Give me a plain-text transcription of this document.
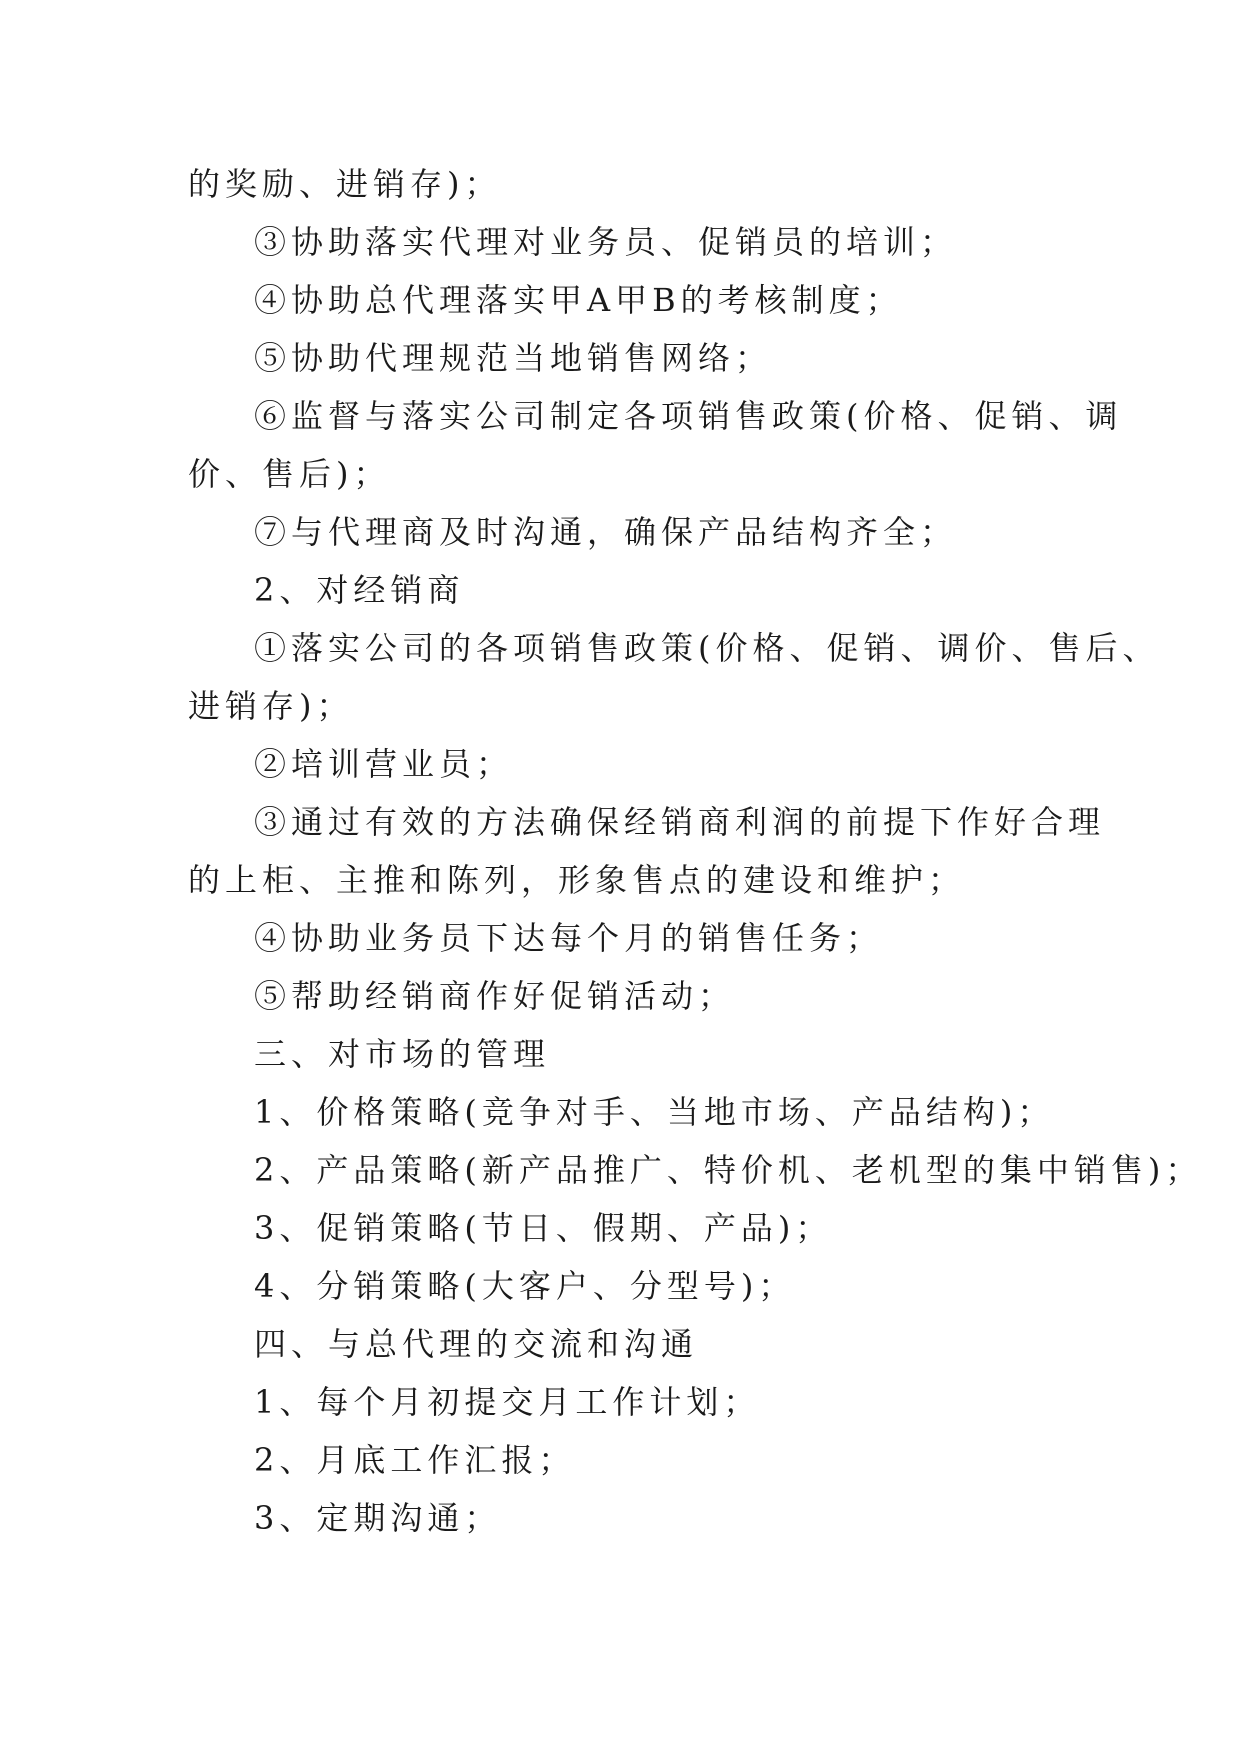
的奖励、进销存)；
③协助落实代理对业务员、促销员的培训；
④协助总代理落实甲A甲B的考核制度；
⑤协助代理规范当地销售网络；
⑥监督与落实公司制定各项销售政策(价格、促销、调
价、售后)；
⑦与代理商及时沟通，确保产品结构齐全；
2、对经销商
①落实公司的各项销售政策(价格、促销、调价、售后、
进销存)；
②培训营业员；
③通过有效的方法确保经销商利润的前提下作好合理
的上柜、主推和陈列，形象售点的建设和维护；
④协助业务员下达每个月的销售任务；
⑤帮助经销商作好促销活动；
三、对市场的管理
1、价格策略(竞争对手、当地市场、产品结构)；
2、产品策略(新产品推广、特价机、老机型的集中销售)；
3、促销策略(节日、假期、产品)；
4、分销策略(大客户、分型号)；
四、与总代理的交流和沟通
1、每个月初提交月工作计划；
2、月底工作汇报；
3、定期沟通；
